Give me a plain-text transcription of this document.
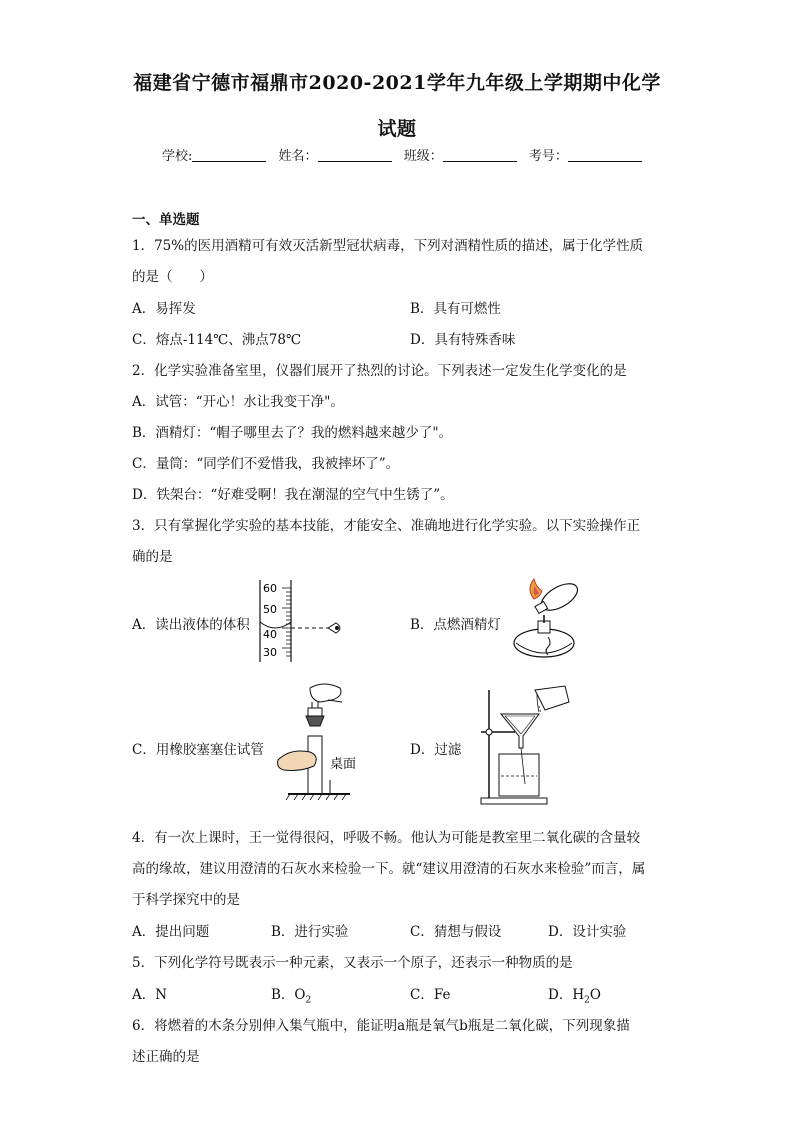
福建省宁德市福鼎市2020-2021学年九年级上学期期中化学
试题
学校:	姓名：	班级：	考号：
一、单选题
1．75%的医用酒精可有效灭活新型冠状病毒，下列对酒精性质的描述，属于化学性质
的是（　　）
A．易挥发	B．具有可燃性
C．熔点-114℃、沸点78℃	D．具有特殊香味
2．化学实验准备室里，仪器们展开了热烈的讨论。下列表述一定发生化学变化的是
A．试管：“开心！水让我变干净"。
B．酒精灯：“帽子哪里去了？我的燃料越来越少了"。
C．量筒：“同学们不爱惜我，我被摔坏了”。
D．铁架台：“好难受啊！我在潮湿的空气中生锈了”。
3．只有掌握化学实验的基本技能，才能安全、准确地进行化学实验。以下实验操作正
确的是
A．读出液体的体积	B．点燃酒精灯
C．用橡胶塞塞住试管	D．过滤
60
50
40
30
桌面
4．有一次上课时，王一觉得很闷，呼吸不畅。他认为可能是教室里二氧化碳的含量较
高的缘故，建议用澄清的石灰水来检验一下。就“建议用澄清的石灰水来检验”而言，属
于科学探究中的是
A．提出问题	B．进行实验	C．猜想与假设	D．设计实验
5．下列化学符号既表示一种元素，又表示一个原子，还表示一种物质的是
A．N	B．$O_2$	C．Fe	D．$H_2O$
6．将燃着的木条分别伸入集气瓶中，能证明a瓶是氧气b瓶是二氧化碳，下列现象描
述正确的是
